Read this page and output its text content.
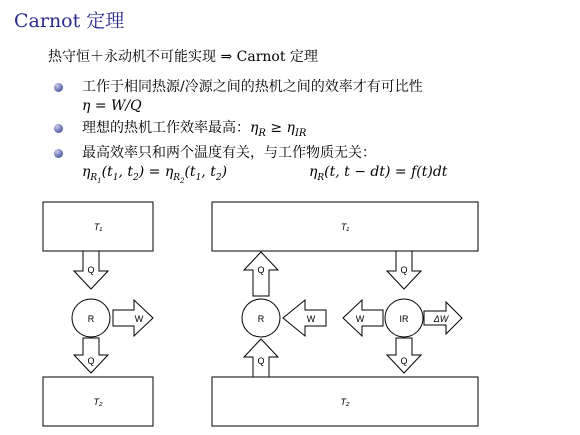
Carnot 定理
热守恒＋永动机不可能实现 ⇒ Carnot 定理
工作于相同热源/冷源之间的热机之间的效率才有可比性
η = W/Q
理想的热机工作效率最高：$\eta_R \ge \eta_{IR}$
最高效率只和两个温度有关，与工作物质无关：
$\eta_{R_1}(t_1$, $t_2) = \eta_{R_2}(t_1$, $t_2$)	$\eta_R(t$, t − dt) = f(t)dt
T₁
T₂
Q
Q
R	W
T₁
T₂
Q
Q
R	W
Q
Q
IR
W	ΔW
